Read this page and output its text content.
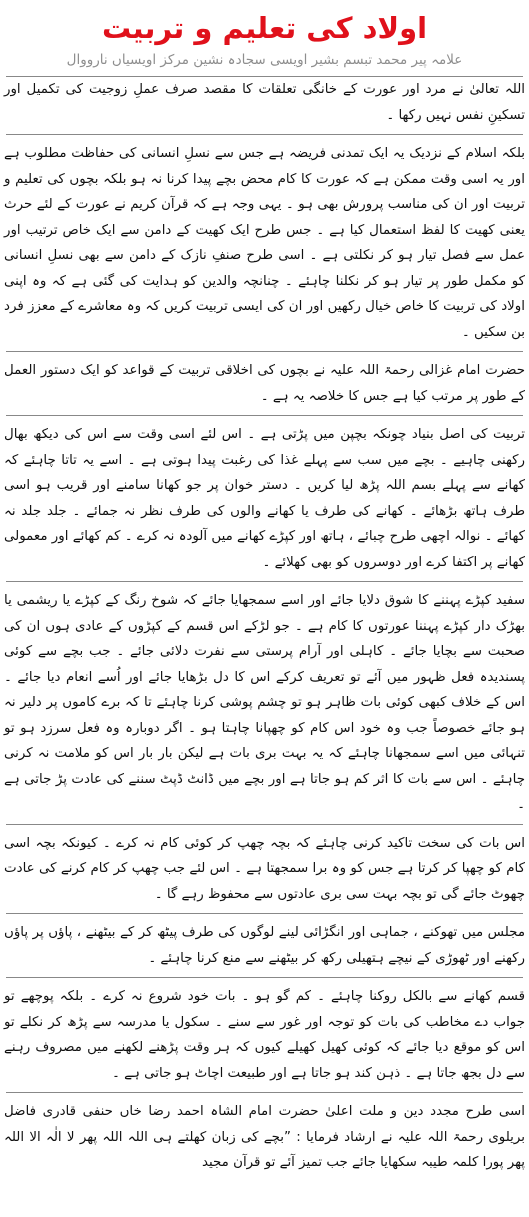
اولاد کی تعلیم و تربیت
علامہ پیر محمد تبسم بشیر اویسی سجادہ نشین مرکز اویسیاں نارووال

اللہ تعالیٰ نے مرد اور عورت کے خانگی تعلقات کا مقصد صرف عملِ زوجیت کی تکمیل اور تسکینِ نفس نہیں رکھا ۔

بلکہ اسلام کے نزدیک یہ ایک تمدنی فریضہ ہے جس سے نسلِ انسانی کی حفاظت مطلوب ہے اور یہ اسی وقت ممکن ہے کہ عورت کا کام محض بچے پیدا کرنا نہ ہو بلکہ بچوں کی تعلیم و تربیت اور ان کی مناسب پرورش بھی ہو ۔ یہی وجہ ہے کہ قرآن کریم نے عورت کے لئے حرث یعنی کھیت کا لفظ استعمال کیا ہے ۔ جس طرح ایک کھیت کے دامن سے ایک خاص ترتیب اور عمل سے فصل تیار ہو کر نکلتی ہے ۔ اسی طرح صنفِ نازک کے دامن سے بھی نسلِ انسانی کو مکمل طور پر تیار ہو کر نکلنا چاہئے ۔ چنانچہ والدین کو ہدایت کی گئی ہے کہ وہ اپنی اولاد کی تربیت کا خاص خیال رکھیں اور ان کی ایسی تربیت کریں کہ وہ معاشرے کے معزز فرد بن سکیں ۔

حضرت امام غزالی رحمۃ اللہ علیہ نے بچوں کی اخلاقی تربیت کے قواعد کو ایک دستور العمل کے طور پر مرتب کیا ہے جس کا خلاصہ یہ ہے ۔

تربیت کی اصل بنیاد چونکہ بچپن میں پڑتی ہے ۔ اس لئے اسی وقت سے اس کی دیکھ بھال رکھنی چاہیے ۔ بچے میں سب سے پہلے غذا کی رغبت پیدا ہوتی ہے ۔ اسے یہ تاتا چاہئے کہ کھانے سے پہلے بسم اللہ پڑھ لیا کریں ۔ دستر خوان پر جو کھانا سامنے اور قریب ہو اسی طرف ہاتھ بڑھائے ۔ کھانے کی طرف یا کھانے والوں کی طرف نظر نہ جمائے ۔ جلد جلد نہ کھائے ۔ نوالہ اچھی طرح چبائے ، ہاتھ اور کپڑے کھانے میں آلودہ نہ کرے ۔ کم کھائے اور معمولی کھانے پر اکتفا کرے اور دوسروں کو بھی کھلائے ۔

سفید کپڑے پہننے کا شوق دلایا جائے اور اسے سمجھایا جائے کہ شوخ رنگ کے کپڑے یا ریشمی یا بھڑک دار کپڑے پہننا عورتوں کا کام ہے ۔ جو لڑکے اس قسم کے کپڑوں کے عادی ہوں ان کی صحبت سے بچایا جائے ۔ کاہلی اور آرام پرستی سے نفرت دلائی جائے ۔ جب بچے سے کوئی پسندیدہ فعل ظہور میں آئے تو تعریف کرکے اس کا دل بڑھایا جائے اور اُسے انعام دیا جائے ۔ اس کے خلاف کبھی کوئی بات ظاہر ہو تو چشم پوشی کرنا چاہئے تا کہ برے کاموں پر دلیر نہ ہو جائے خصوصاً جب وہ خود اس کام کو چھپانا چاہتا ہو ۔ اگر دوبارہ وہ فعل سرزد ہو تو تنہائی میں اسے سمجھانا چاہئے کہ یہ بہت بری بات ہے لیکن بار بار اس کو ملامت نہ کرنی چاہئے ۔ اس سے بات کا اثر کم ہو جاتا ہے اور بچے میں ڈانٹ ڈپٹ سننے کی عادت پڑ جاتی ہے ۔

اس بات کی سخت تاکید کرنی چاہئے کہ بچہ چھپ کر کوئی کام نہ کرے ۔ کیونکہ بچہ اسی کام کو چھپا کر کرتا ہے جس کو وہ برا سمجھتا ہے ۔ اس لئے جب چھپ کر کام کرنے کی عادت چھوٹ جائے گی تو بچہ بہت سی بری عادتوں سے محفوظ رہے گا ۔

مجلس میں تھوکنے ، جماہی اور انگڑائی لینے لوگوں کی طرف پیٹھ کر کے بیٹھنے ، پاؤں پر پاؤں رکھنے اور ٹھوڑی کے نیچے ہتھیلی رکھ کر بیٹھنے سے منع کرنا چاہئے ۔

قسم کھانے سے بالکل روکنا چاہئے ۔ کم گو ہو ۔ بات خود شروع نہ کرے ۔ بلکہ پوچھے تو جواب دے مخاطب کی بات کو توجہ اور غور سے سنے ۔ سکول یا مدرسہ سے پڑھ کر نکلے تو اس کو موقع دیا جائے کہ کوئی کھیل کھیلے کیوں کہ ہر وقت پڑھنے لکھنے میں مصروف رہنے سے دل بجھ جاتا ہے ۔ ذہن کند ہو جاتا ہے اور طبیعت اچاٹ ہو جاتی ہے ۔

اسی طرح مجدد دین و ملت اعلیٰ حضرت امام الشاہ احمد رضا خاں حنفی قادری فاضل بریلوی رحمۃ اللہ علیہ نے ارشاد فرمایا : ”بچے کی زبان کھلتے ہی اللہ اللہ پھر لا الٰہ الا اللہ پھر پورا کلمہ طیبہ سکھایا جائے جب تمیز آئے تو قرآن مجید
